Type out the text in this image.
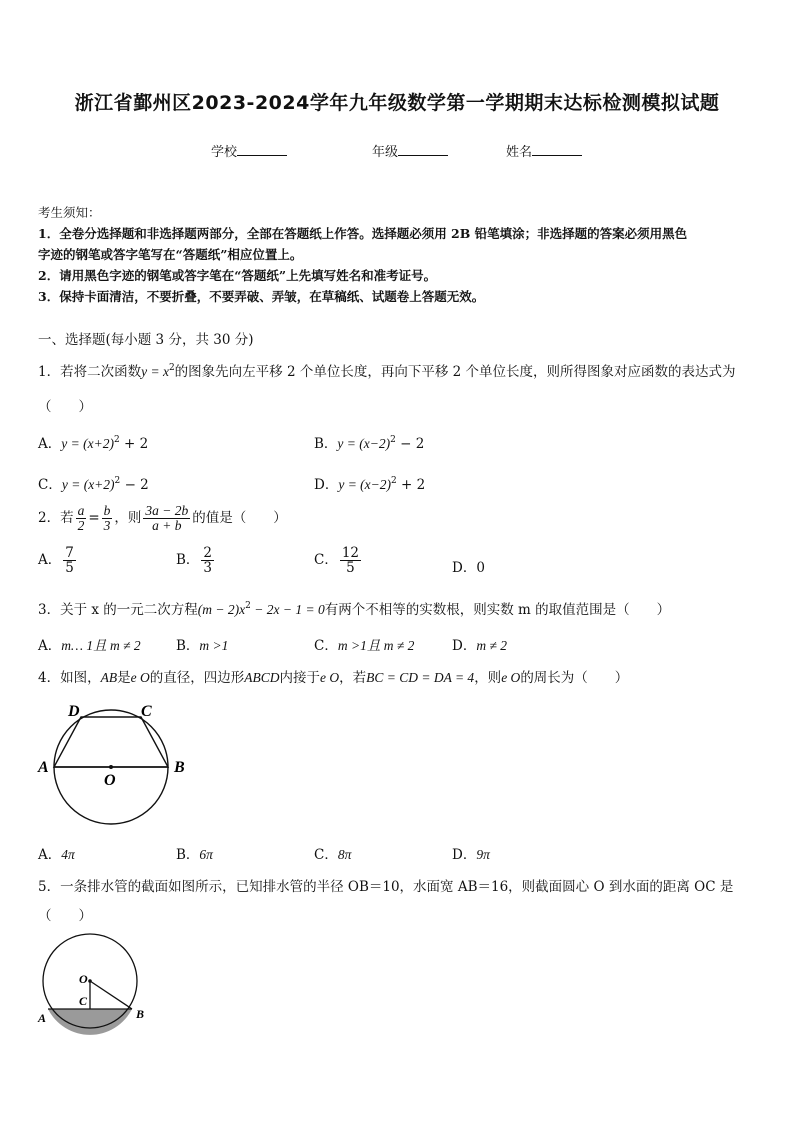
浙江省鄞州区2023-2024学年九年级数学第一学期期末达标检测模拟试题
学校	年级	姓名
考生须知：
1．全卷分选择题和非选择题两部分，全部在答题纸上作答。选择题必须用 2B 铅笔填涂；非选择题的答案必须用黑色
字迹的钢笔或答字笔写在“答题纸”相应位置上。
2．请用黑色字迹的钢笔或答字笔在“答题纸”上先填写姓名和准考证号。
3．保持卡面清洁，不要折叠，不要弄破、弄皱，在草稿纸、试题卷上答题无效。
一、选择题(每小题 3 分，共 30 分)
1．若将二次函数$y = x^2$的图象先向左平移 2 个单位长度，再向下平移 2 个单位长度，则所得图象对应函数的表达式为
（　　）
A．$y = (x+2)^2 + 2$	B．$y = (x-2)^2 - 2$
C．$y = (x+2)^2 - 2$	D．$y = (x-2)^2 + 2$
2．若 $\frac{a}{2} = \frac{b}{3}$ ，则 $\frac{3a - 2b}{a + b}$ 的值是（　　）
A． $\frac{7}{5}$	B． $\frac{2}{3}$	C． $\frac{12}{5}$	D．0
3．关于 x 的一元二次方程$(m - 2)x^2 - 2x - 1 = 0$有两个不相等的实数根，则实数 m 的取值范围是（　　）
A．m… 1且 m ≠ 2	B．m >1	C．m >1且 m ≠ 2	D．m ≠ 2
4．如图，AB是e O的直径，四边形ABCD内接于e O，若BC = CD = DA = 4，则e O的周长为（　　）
A	B
C
D
O
A．4π	B．6π	C．8π	D．9π
5．一条排水管的截面如图所示，已知排水管的半径 OB＝10，水面宽 AB＝16，则截面圆心 O 到水面的距离 OC 是
（　　）
O
C
A	B
